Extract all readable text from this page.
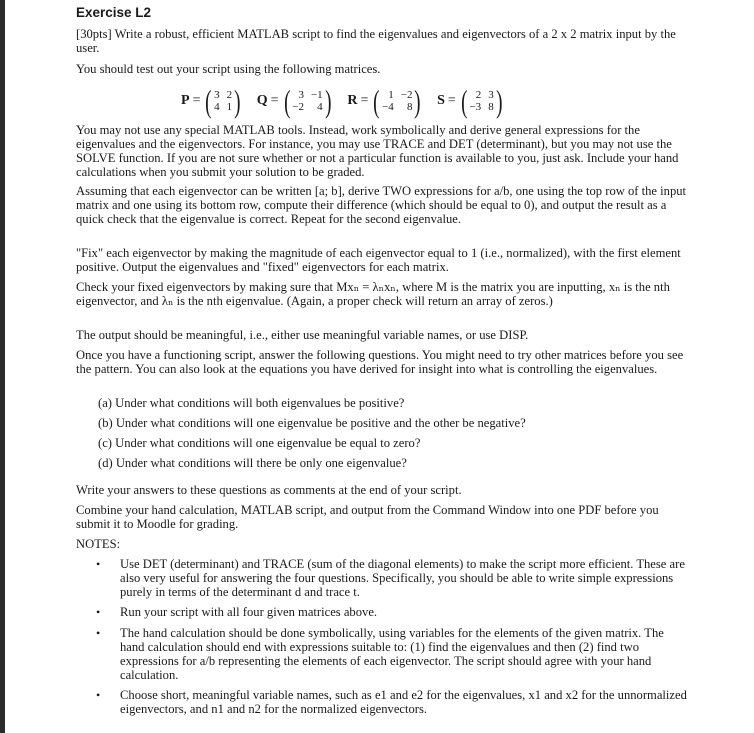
Exercise L2

[30pts] Write a robust, efficient MATLAB script to find the eigenvalues and eigenvectors of a 2 x 2 matrix input by the user.

You should test out your script using the following matrices.

P = ( 3 2
4 1 ) Q = ( 3 −1
−2	4 ) R = ( 1 −2
−4	8 ) S = ( 2 3
−3 8 )

You may not use any special MATLAB tools. Instead, work symbolically and derive general expressions for the eigenvalues and the eigenvectors. For instance, you may use TRACE and DET (determinant), but you may not use the SOLVE function. If you are not sure whether or not a particular function is available to you, just ask. Include your hand calculations when you submit your solution to be graded.

Assuming that each eigenvector can be written [a; b], derive TWO expressions for a/b, one using the top row of the input matrix and one using its bottom row, compute their difference (which should be equal to 0), and output the result as a quick check that the eigenvalue is correct. Repeat for the second eigenvalue.

"Fix" each eigenvector by making the magnitude of each eigenvector equal to 1 (i.e., normalized), with the first element positive. Output the eigenvalues and "fixed" eigenvectors for each matrix.

Check your fixed eigenvectors by making sure that Mxₙ = λₙxₙ, where M is the matrix you are inputting, xₙ is the nth eigenvector, and λₙ is the nth eigenvalue. (Again, a proper check will return an array of zeros.)

The output should be meaningful, i.e., either use meaningful variable names, or use DISP.

Once you have a functioning script, answer the following questions. You might need to try other matrices before you see the pattern. You can also look at the equations you have derived for insight into what is controlling the eigenvalues.

(a) Under what conditions will both eigenvalues be positive?

(b) Under what conditions will one eigenvalue be positive and the other be negative?

(c) Under what conditions will one eigenvalue be equal to zero?

(d) Under what conditions will there be only one eigenvalue?

Write your answers to these questions as comments at the end of your script.

Combine your hand calculation, MATLAB script, and output from the Command Window into one PDF before you submit it to Moodle for grading.

NOTES:

• Use DET (determinant) and TRACE (sum of the diagonal elements) to make the script more efficient. These are also very useful for answering the four questions. Specifically, you should be able to write simple expressions purely in terms of the determinant d and trace t.

• Run your script with all four given matrices above.

• The hand calculation should be done symbolically, using variables for the elements of the given matrix. The hand calculation should end with expressions suitable to: (1) find the eigenvalues and then (2) find two expressions for a/b representing the elements of each eigenvector. The script should agree with your hand calculation.

• Choose short, meaningful variable names, such as e1 and e2 for the eigenvalues, x1 and x2 for the unnormalized eigenvectors, and n1 and n2 for the normalized eigenvectors.
